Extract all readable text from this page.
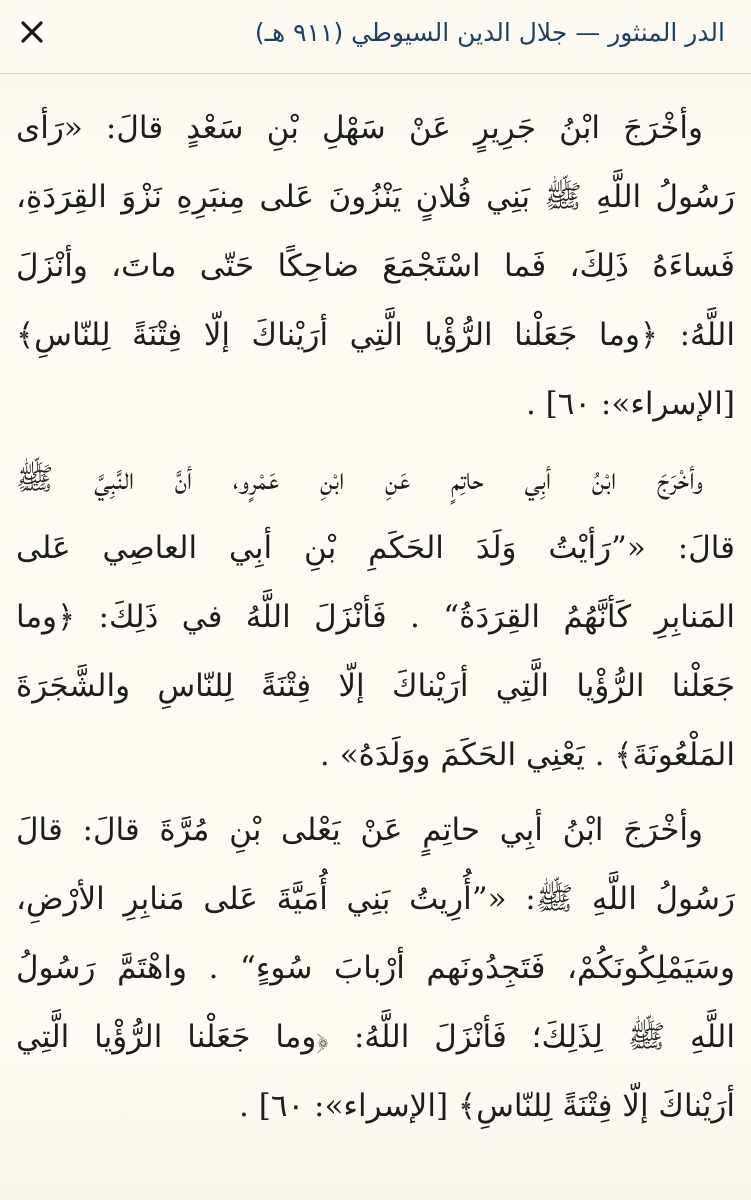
الدر المنثور — جلال الدين السيوطي (٩١١ هـ)
وأخْرَجَ ابْنُ جَرِيرٍ عَنْ سَهْلِ بْنِ سَعْدٍ قالَ: «رَأى
رَسُولُ اللَّهِ ﷺ بَنِي فُلانٍ يَنْزُونَ عَلى مِنبَرِهِ نَزْوَ القِرَدَةِ،
فَساءَهُ ذَلِكَ، فَما اسْتَجْمَعَ ضاحِكًا حَتّى ماتَ، وأنْزَلَ
اللَّهُ: ﴿وما جَعَلْنا الرُّؤْيا الَّتِي أرَيْناكَ إلّا فِتْنَةً لِلنّاسِ﴾
[الإسراء»: ٦٠] .
وأخْرَجَ ابْنُ أبِي حاتِمٍ عَنِ ابْنِ عَمْرٍو، أنَّ النَّبِيَّ ﷺ
قالَ: «”رَأيْتُ وَلَدَ الحَكَمِ بْنِ أبِي العاصِي عَلى
المَنابِرِ كَأنَّهُمُ القِرَدَةُ“ . فَأنْزَلَ اللَّهُ في ذَلِكَ: ﴿وما
جَعَلْنا الرُّؤْيا الَّتِي أرَيْناكَ إلّا فِتْنَةً لِلنّاسِ والشَّجَرَةَ
المَلْعُونَةَ﴾ . يَعْنِي الحَكَمَ ووَلَدَهُ» .
وأخْرَجَ ابْنُ أبِي حاتِمٍ عَنْ يَعْلى بْنِ مُرَّةَ قالَ: قالَ
رَسُولُ اللَّهِ ﷺ: «”أُرِيتُ بَنِي أُمَيَّةَ عَلى مَنابِرِ الأرْضِ،
وسَيَمْلِكُونَكُمْ، فَتَجِدُونَهم أرْبابَ سُوءٍ“ . واهْتَمَّ رَسُولُ
اللَّهِ ﷺ لِذَلِكَ؛ فَأنْزَلَ اللَّهُ: ﴿وما جَعَلْنا الرُّؤْيا الَّتِي
أرَيْناكَ إلّا فِتْنَةً لِلنّاسِ﴾ [الإسراء»: ٦٠] .
